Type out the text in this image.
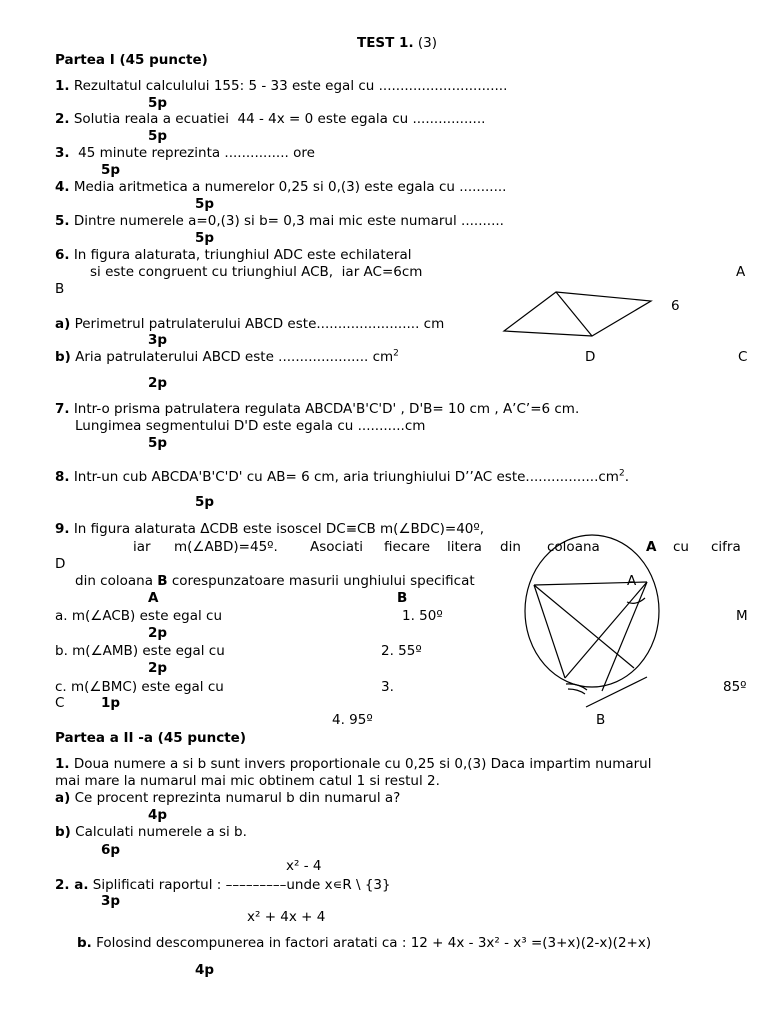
TEST 1. (3)
Partea I (45 puncte)
1. Rezultatul calculului 155: 5 - 33 este egal cu ..............................
5p
2. Solutia reala a ecuatiei  44 - 4x = 0 este egala cu .................
5p
3.  45 minute reprezinta ............... ore
5p
4. Media aritmetica a numerelor 0,25 si 0,(3) este egala cu ...........
5p
5. Dintre numerele a=0,(3) si b= 0,3 mai mic este numarul ..........
5p
6. In figura alaturata, triunghiul ADC este echilateral
si este congruent cu triunghiul ACB,  iar AC=6cm	A
B
6
a) Perimetrul patrulaterului ABCD este........................ cm
3p
b) Aria patrulaterului ABCD este ..................... $cm^2$	D	C
2p
7. Intr-o prisma patrulatera regulata ABCDA'B'C'D' , D'B= 10 cm , A’C’=6 cm.
Lungimea segmentului D'D este egala cu ...........cm
5p
8. Intr-un cub ABCDA'B'C'D' cu AB= 6 cm, aria triunghiului D’’AC $este.................cm^2$.
5p
9. In figura alaturata ΔCDB este isoscel DC≡CB m(∠BDC)=40º,
iar m(∠ABD)=45º. Asociati fiecare litera din coloana	A cu cifra
D
din coloana B corespunzatoare masurii unghiului specificat	A
A	B
a. m(∠ACB) este egal cu	1. 50º	M
2p
b. m(∠AMB) este egal cu	2. 55º
2p
c. m(∠BMC) este egal cu	3.	85º
C	1p
4. 95º	B
Partea a II -a (45 puncte)
1. Doua numere a si b sunt invers proportionale cu 0,25 si 0,(3) Daca impartim numarul
mai mare la numarul mai mic obtinem catul 1 si restul 2.
a) Ce procent reprezinta numarul b din numarul a?
4p
b) Calculati numerele a si b.
6p
x² - 4
2. a. Siplificati raportul : –––––––––unde x∊R \ {3}
3p
x² + 4x + 4
b. Folosind descompunerea in factori aratati ca : 12 + 4x - 3x² - x³ =(3+x)(2-x)(2+x)
4p
